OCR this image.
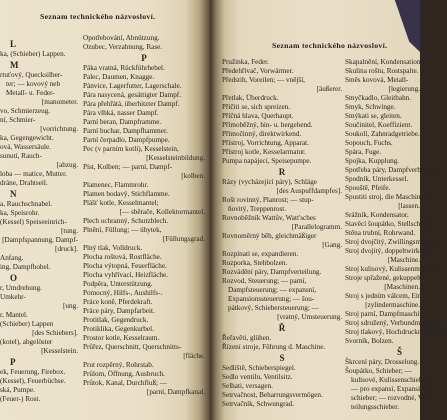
Seznam technického názvosloví.
L
ka, (Schieber) Lappen.
M
rtuťový, Quecksilber-
ter; — kovový neb
Metall- u. Feder-
[manometer.
vo, Schmierzeug.
ní, Schmier-
[vorrichtung.
ka, Gegengewicht.
ová, Wassersäule.
sunutí, Rauch-
[abzug.
loba — matice, Mutter.
dráne, Drahtseil.
N
a, Rauchschnabel.
ka, Speisrohr.
(Kessel) Speiseeinrich-
[tung.
[Dampfspannung, Dampf-
[druck].
Anfang.
ing, Dampfhobel.
O
r, Umdrehung.
Umkehr-
[ung.
r, Mantel.
(Schieber) Lappen
[des Schiebers].
(kotel), abgelöster
[Kesselstein.
P
ek, Feuerung, Firebox.
(Kessel), Feuerbüchse.
ská, Pumpe.
(Feuer-) Rost.
Opotřebování, Abnützung.
Ozubec, Verzahnung, Rase.
P
Páka vratná, Rückführhebel.
Palec, Daumen, Knagge.
Pánvice, Lagerfutter, Lagerschale.
Pára nasycená, gesättigter Dampf.
Pára přehřátá, überhitzter Dampf.
Pára vlhká, nasser Dampf.
Parní beran, Dampframme.
Parní buchar, Dampfhammer.
Parní čerpadlo, Dampfpumpe.
Pec (v parním kotli), Kesselstein,
[Kesselsteinbildung.
Píst, Kolben; — parní, Dampf-
[kolben.
Plamenec, Flammrohr.
Plamen bodavý, Stichflamme.
Plášť kotle, Kesselmantel;
[— sběrače, Kollektormantel.
Plech ochranný, Schutzblech.
Plnění, Füllung; — úbytek,
[Füllungsgrad.
Plný tlak, Volldruck.
Plocha roštová, Rostfläche.
Plocha výtopná, Feuerfläche.
Plocha vyhřívací, Heizfläche.
Podpěra, Unterstützung.
Pomocný, Hilfs-, Aushilfs-.
Práce koně, Pferdekraft.
Práce páry, Dampfarbeit.
Protitlak, Gegendruck.
Protiklika, Gegenkurbel.
Prostor kotle, Kesselraum.
Průřez, Querschnitt, Querschnitts-
[fläche.
Prut rozpěrný, Rohrstab.
Průlom, Öffnung, Ausbruch.
Průtok, Kanal, Durchfluß; —
[parní, Dampfkanal.
Seznam technického názvosloví.
Pružinka, Feder.
Předehřívač, Vorwärmer.
Předstih, Voreilen; — vnější,
[äußerer.
Přetlak, Überdruck.
Přičiti se, sich spreizen.
Příčná hlava, Querhaupt.
Přímoběžný, hin- u. hergehend.
Přímočinný, direktwirkend.
Přístroj, Vorrichtung, Apparat.
Přístroj kotle, Kesselarmatur.
Pumpa napájecí, Speisepumpe.
R
Rázy (vycházející páry), Schläge
[des Auspuffdampfes].
Rošt rovinný, Planrost; — stup-
ňovitý, Treppenrost.
Rovnoběžník Wattův, Watt'sches
[Parallelogramm.
Rovnoměrný běh, gleichmäßiger
[Gang.
Rozpínati se, expandieren.
Rozporka, Stehbolzen.
Rozvádění páry, Dampfverteilung.
Rozvod, Steuerung; — parní,
Dampfsteuerung; — expansní,
Expansionssteuerung; — šou-
pátkový, Schiebersteuerung; —
[vratný, Umsteuerung.
Ř
Řeřavěti, glühen.
Řízení stroje, Führung d. Maschine.
S
Sedlíště, Schieberspiegel.
Sedlo ventilu, Ventilsitz.
Selhati, versagen.
Setrvačnost, Beharrungsvermögen.
Setrvačník, Schwungrad.
Skapalnění, Kondensation.
Skulina roštu, Rostspalte.
Směs kovová, Metall-
[legierung.
Smyčkadlo, Gleitbahn.
Smyk, Schwinge.
Smýkati se, gleiten.
Součinitel, Koeffizient.
Soukolí, Zahnradgetriebe.
Sopouch, Fuchs.
Spára, Fuge.
Spojka, Kupplung.
Spotřeba páry, Dampfverbrauch.
Spodník, Unterkessel.
Spouště, Pfeife.
Spustiti stroj, die Maschine an-
[lassen.
Srážník, Kondensator.
Stavěcí šoupátko, Stellschieber.
Stěna trubní, Rohrwand.
Stroj dvojčitý, Zwillingsmaschine.
Stroj dvojitý, doppeltwirkende
[Maschine.
Stroj kulisový, Kulissenmaschine.
Stroje spřažené, gekuppelte
[Maschinen.
Stroj s jedním válcem, Ein-
[zylindermaschine.
Stroj parní, Dampfmaschine.
Stroj sdružený, Verbundmaschine.
Stroj tlakový, Hochdruckmaschine.
Svorník, Bolzen.
Š
Škrcení páry, Drosselung.
Šoupátko, Schieber; —
kulisové, Kulissenschieber;
— pro expansi, Expansions-
schieber; — rozvodné, Ver-
teilungsschieber.
